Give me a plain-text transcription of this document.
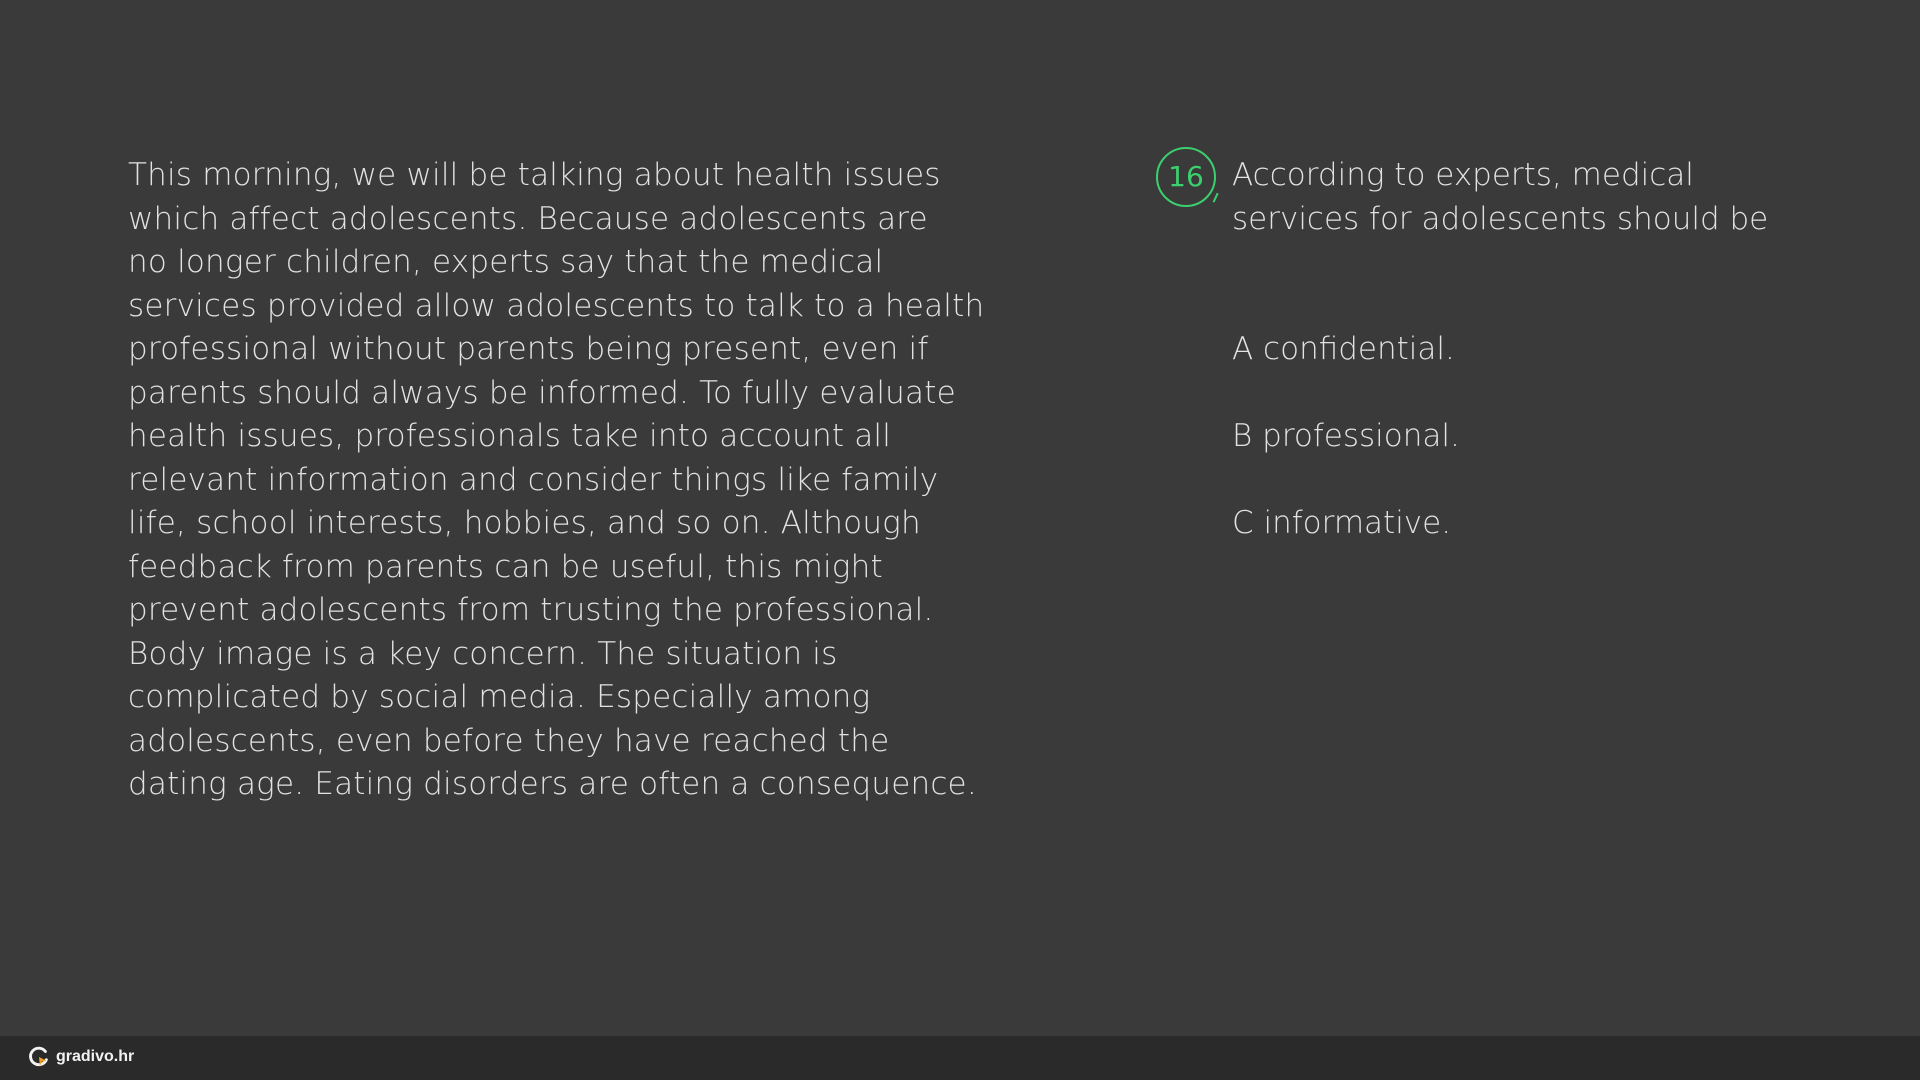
This morning, we will be talking about health issues
which affect adolescents. Because adolescents are
no longer children, experts say that the medical
services provided allow adolescents to talk to a health
professional without parents being present, even if
parents should always be informed. To fully evaluate
health issues, professionals take into account all
relevant information and consider things like family
life, school interests, hobbies, and so on. Although
feedback from parents can be useful, this might
prevent adolescents from trusting the professional.
Body image is a key concern. The situation is
complicated by social media. Especially among
adolescents, even before they have reached the
dating age. Eating disorders are often a consequence.
16 According to experts, medical
services for adolescents should be
A confidential.
B professional.
C informative.
gradivo.hr
